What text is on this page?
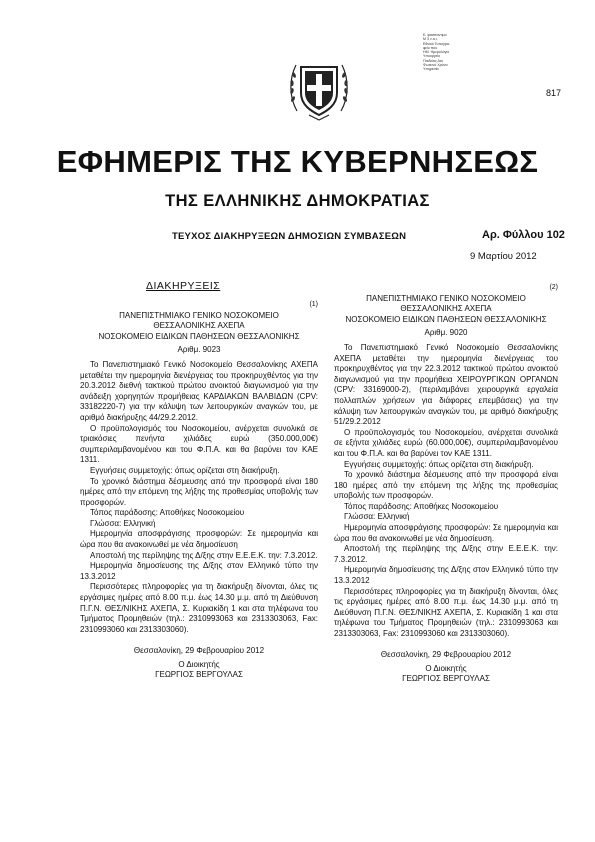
Ε. φασπαντιμο
Μ 3 ν.α.ι.
Εθνικό Τυπογρα-
φείο που
ΗΜ. Ημερολόγιο
Υπουργείο
Παιδείας Δια
Φωτεινό Χρόνα
Υπηρεσία
817
ΕΦΗΜΕΡΙΣ ΤΗΣ ΚΥΒΕΡΝΗΣΕΩΣ
ΤΗΣ ΕΛΛΗΝΙΚΗΣ ΔΗΜΟΚΡΑΤΙΑΣ
ΤΕΥΧΟΣ ΔΙΑΚΗΡΥΞΕΩΝ ΔΗΜΟΣΙΩΝ ΣΥΜΒΑΣΕΩΝ	Αρ. Φύλλου 102
9 Μαρτίου 2012
ΔΙΑΚΗΡΥΞΕΙΣ

(1)

ΠΑΝΕΠΙΣΤΗΜΙΑΚΟ ΓΕΝΙΚΟ ΝΟΣΟΚΟΜΕΙΟ

ΘΕΣΣΑΛΟΝΙΚΗΣ ΑΧΕΠΑ

ΝΟΣΟΚΟΜΕΙΟ ΕΙΔΙΚΩΝ ΠΑΘΗΣΕΩΝ ΘΕΣΣΑΛΟΝΙΚΗΣ

Αριθμ. 9023

Το Πανεπιστημιακό Γενικό Νοσοκομείο Θεσσαλονίκης ΑΧΕΠΑ μεταθέτει την ημερομηνία διενέργειας του προκηρυχθέντος για την 20.3.2012 διεθνή τακτικού πρώτου ανοικτού διαγωνισμού για την ανάδειξη χορηγητών προμήθειας ΚΑΡΔΙΑΚΩΝ ΒΑΛΒΙΔΩΝ (CPV: 33182220-7) για την κάλυψη των λειτουργικών αναγκών του, με αριθμό διακήρυξης 44/29.2.2012.

Ο προϋπολογισμός του Νοσοκομείου, ανέρχεται συνολικά σε τριακόσιες πενήντα χιλιάδες ευρώ (350.000,00€) συμπεριλαμβανομένου και του Φ.Π.Α. και θα βαρύνει τον ΚΑΕ 1311.

Εγγυήσεις συμμετοχής: όπως ορίζεται στη διακήρυξη.

Το χρονικό διάστημα δέσμευσης από την προσφορά είναι 180 ημέρες από την επόμενη της λήξης της προθεσμίας υποβολής των προσφορών.

Τόπος παράδοσης: Αποθήκες Νοσοκομείου

Γλώσσα: Ελληνική

Ημερομηνία αποσφράγισης προσφορών: Σε ημερομηνία και ώρα που θα ανακοινωθεί με νέα δημοσίευση

Αποστολή της περίληψης της Δ/ξης στην Ε.Ε.Ε.Κ. την: 7.3.2012.

Ημερομηνία δημοσίευσης της Δ/ξης στον Ελληνικό τύπο την 13.3.2012

Περισσότερες πληροφορίες για τη διακήρυξη δίνονται, όλες τις εργάσιμες ημέρες από 8.00 π.μ. έως 14.30 μ.μ. από τη Διεύθυνση Π.Γ.Ν. ΘΕΣ/ΝΙΚΗΣ ΑΧΕΠΑ, Σ. Κυριακίδη 1 και στα τηλέφωνα του Τμήματος Προμηθειών (τηλ.: 2310993063 και 2313303063, Fax: 2310993060 και 2313303060).

Θεσσαλονίκη, 29 Φεβρουαρίου 2012

Ο Διοικητής

ΓΕΩΡΓΙΟΣ ΒΕΡΓΟΥΛΑΣ

(2)

ΠΑΝΕΠΙΣΤΗΜΙΑΚΟ ΓΕΝΙΚΟ ΝΟΣΟΚΟΜΕΙΟ

ΘΕΣΣΑΛΟΝΙΚΗΣ ΑΧΕΠΑ

ΝΟΣΟΚΟΜΕΙΟ ΕΙΔΙΚΩΝ ΠΑΘΗΣΕΩΝ ΘΕΣΣΑΛΟΝΙΚΗΣ

Αριθμ. 9020

Το Πανεπιστημιακό Γενικό Νοσοκομείο Θεσσαλονίκης ΑΧΕΠΑ μεταθέτει την ημερομηνία διενέργειας του προκηρυχθέντος για την 22.3.2012 τακτικού πρώτου ανοικτού διαγωνισμού για την προμήθεια ΧΕΙΡΟΥΡΓΙΚΩΝ ΟΡΓΑΝΩΝ (CPV: 33169000-2), (περιλαμβάνει χειρουργικά εργαλεία πολλαπλών χρήσεων για διάφορες επεμβάσεις) για την κάλυψη των λειτουργικών αναγκών του, με αριθμό διακήρυξης 51/29.2.2012

Ο προϋπολογισμός του Νοσοκομείου, ανέρχεται συνολικά σε εξήντα χιλιάδες ευρώ (60.000,00€), συμπεριλαμβανομένου και του Φ.Π.Α. και θα βαρύνει τον ΚΑΕ 1311.

Εγγυήσεις συμμετοχής: όπως ορίζεται στη διακήρυξη.

Το χρονικό διάστημα δέσμευσης από την προσφορά είναι 180 ημέρες από την επόμενη της λήξης της προθεσμίας υποβολής των προσφορών.

Τόπος παράδοσης: Αποθήκες Νοσοκομείου

Γλώσσα: Ελληνική

Ημερομηνία αποσφράγισης προσφορών: Σε ημερομηνία και ώρα που θα ανακοινωθεί με νέα δημοσίευση.

Αποστολή της περίληψης της Δ/ξης στην Ε.Ε.Ε.Κ. την: 7.3.2012.

Ημερομηνία δημοσίευσης της Δ/ξης στον Ελληνικό τύπο την 13.3.2012

Περισσότερες πληροφορίες για τη διακήρυξη δίνονται, όλες τις εργάσιμες ημέρες από 8.00 π.μ. έως 14.30 μ.μ. από τη Διεύθυνση Π.Γ.Ν. ΘΕΣ/ΝΙΚΗΣ ΑΧΕΠΑ, Σ. Κυριακίδη 1 και στα τηλέφωνα του Τμήματος Προμηθειών (τηλ.: 2310993063 και 2313303063, Fax: 2310993060 και 2313303060).

Θεσσαλονίκη, 29 Φεβρουαρίου 2012

Ο Διοικητής

ΓΕΩΡΓΙΟΣ ΒΕΡΓΟΥΛΑΣ
